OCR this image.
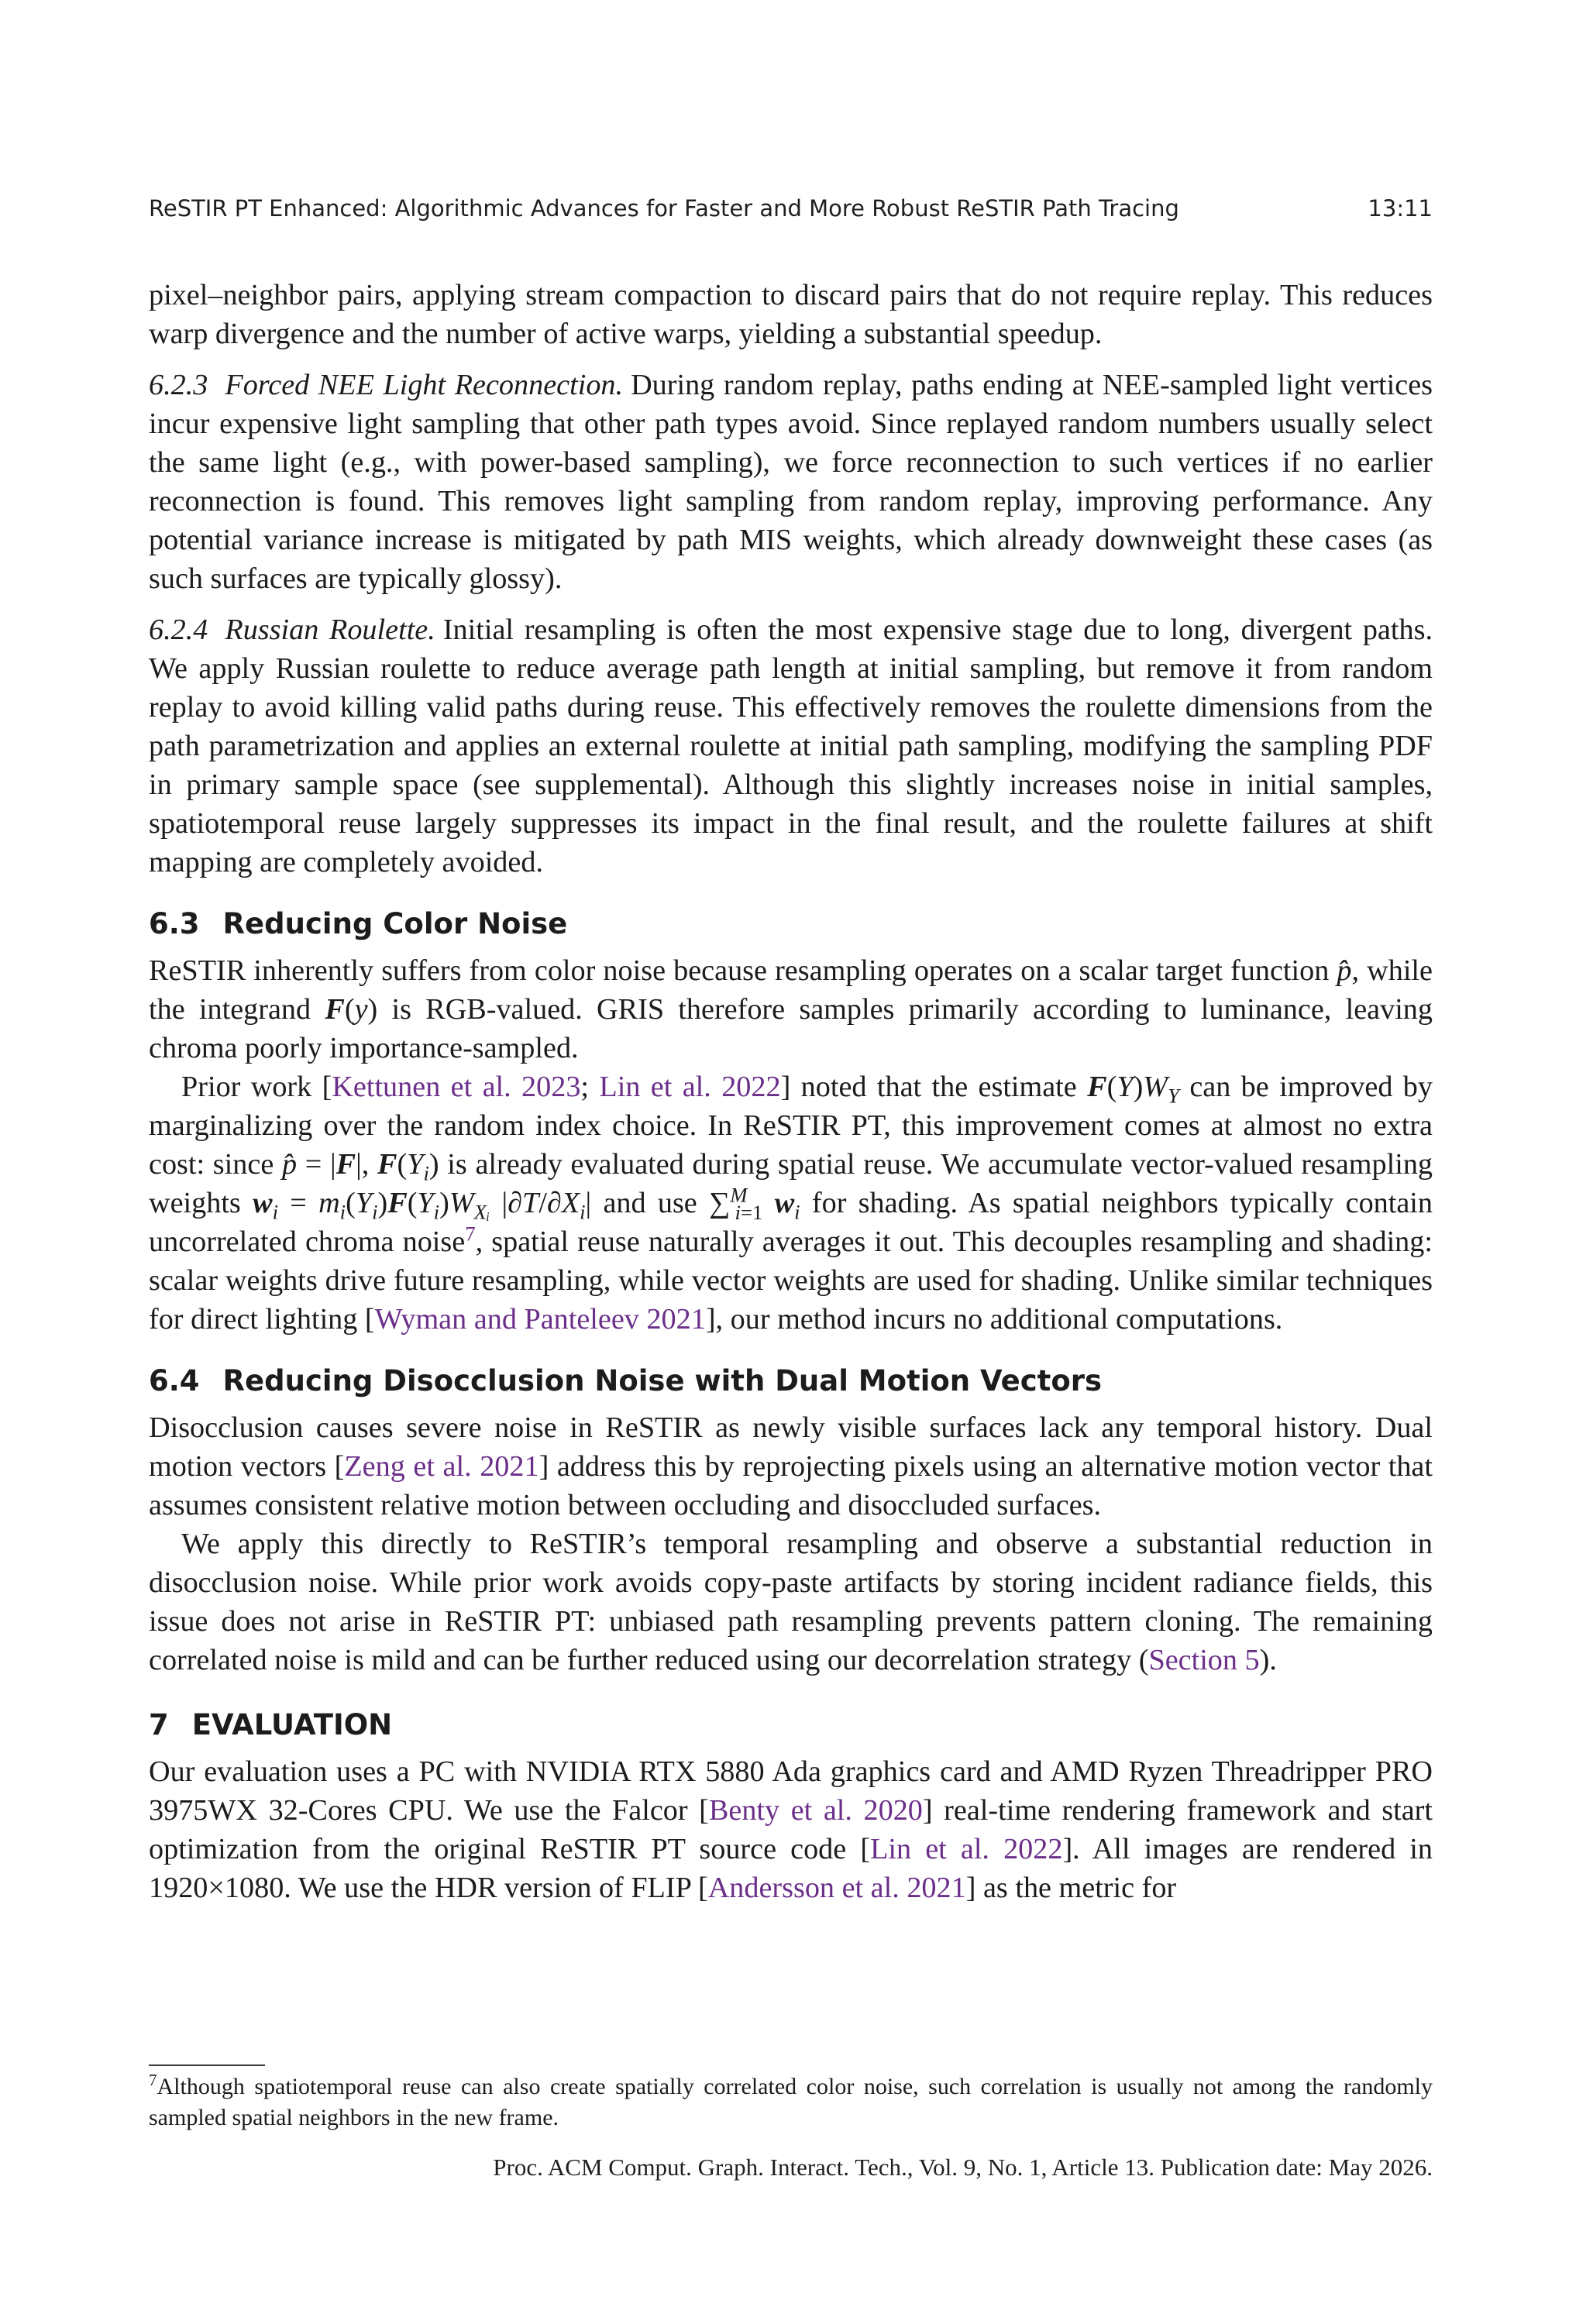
ReSTIR PT Enhanced: Algorithmic Advances for Faster and More Robust ReSTIR Path Tracing	13:11

pixel–neighbor pairs, applying stream compaction to discard pairs that do not require replay. This reduces warp divergence and the number of active warps, yielding a substantial speedup.

6.2.3 Forced NEE Light Reconnection. During random replay, paths ending at NEE-sampled light vertices incur expensive light sampling that other path types avoid. Since replayed random numbers usually select the same light (e.g., with power-based sampling), we force reconnection to such vertices if no earlier reconnection is found. This removes light sampling from random replay, improving performance. Any potential variance increase is mitigated by path MIS weights, which already downweight these cases (as such surfaces are typically glossy).

6.2.4 Russian Roulette. Initial resampling is often the most expensive stage due to long, divergent paths. We apply Russian roulette to reduce average path length at initial sampling, but remove it from random replay to avoid killing valid paths during reuse. This effectively removes the roulette dimensions from the path parametrization and applies an external roulette at initial path sampling, modifying the sampling PDF in primary sample space (see supplemental). Although this slightly increases noise in initial samples, spatiotemporal reuse largely suppresses its impact in the final result, and the roulette failures at shift mapping are completely avoided.

6.3 Reducing Color Noise

ReSTIR inherently suffers from color noise because resampling operates on a scalar target function p̂, while the integrand F(y) is RGB-valued. GRIS therefore samples primarily according to luminance, leaving chroma poorly importance-sampled.

Prior work [Kettunen et al. 2023; Lin et al. 2022] noted that the estimate $F(Y)W_Y$ can be improved by marginalizing over the random index choice. In ReSTIR PT, this improvement comes at almost no extra cost: since p̂ = |F|, $F(Y_i)$ is already evaluated during spatial reuse. We accumulate vector-valued resampling weights $w_i = m_i(Y_i)F(Y_i)W_{Xᵢ}$ $|\partial T/\partial X_i|$ and use ∑$^M_{i=1}$ $w_i$ for shading. As spatial neighbors typically contain uncorrelated chroma noise$^7$, spatial reuse naturally averages it out. This decouples resampling and shading: scalar weights drive future resampling, while vector weights are used for shading. Unlike similar techniques for direct lighting [Wyman and Panteleev 2021], our method incurs no additional computations.

6.4 Reducing Disocclusion Noise with Dual Motion Vectors

Disocclusion causes severe noise in ReSTIR as newly visible surfaces lack any temporal history. Dual motion vectors [Zeng et al. 2021] address this by reprojecting pixels using an alternative motion vector that assumes consistent relative motion between occluding and disoccluded surfaces.

We apply this directly to ReSTIR’s temporal resampling and observe a substantial reduction in disocclusion noise. While prior work avoids copy-paste artifacts by storing incident radiance fields, this issue does not arise in ReSTIR PT: unbiased path resampling prevents pattern cloning. The remaining correlated noise is mild and can be further reduced using our decorrelation strategy (Section 5).

7 EVALUATION

Our evaluation uses a PC with NVIDIA RTX 5880 Ada graphics card and AMD Ryzen Threadripper PRO 3975WX 32-Cores CPU. We use the Falcor [Benty et al. 2020] real-time rendering framework and start optimization from the original ReSTIR PT source code [Lin et al. 2022]. All images are rendered in 1920×1080. We use the HDR version of FLIP [Andersson et al. 2021] as the metric for

$^7$Although spatiotemporal reuse can also create spatially correlated color noise, such correlation is usually not among the randomly sampled spatial neighbors in the new frame.
Proc. ACM Comput. Graph. Interact. Tech., Vol. 9, No. 1, Article 13. Publication date: May 2026.
